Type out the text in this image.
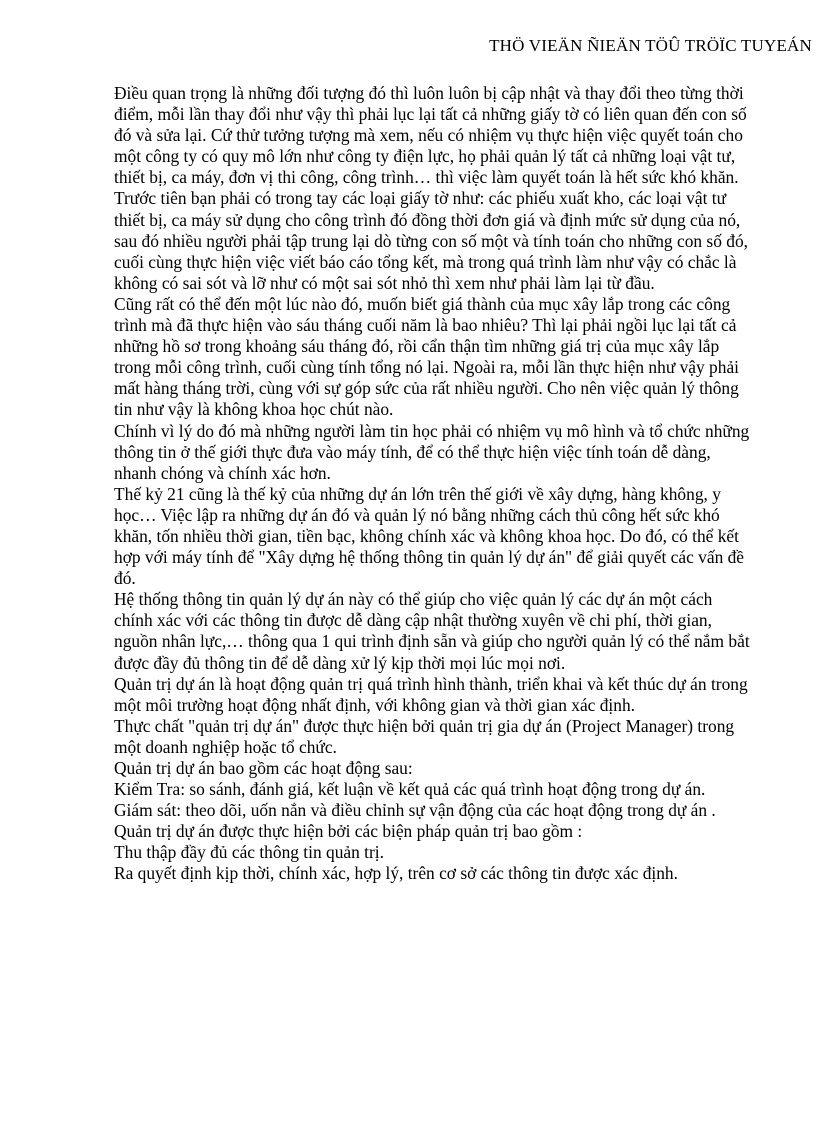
THÖ VIEÄN ÑIEÄN TÖÛ TRÖÏC TUYEÁN

Điều quan trọng là những đối tượng đó thì luôn luôn bị cập nhật và thay đổi theo từng thời điểm, mỗi lần thay đổi như vậy thì phải lục lại tất cả những giấy tờ có liên quan đến con số đó và sửa lại. Cứ thử tưởng tượng mà xem, nếu có nhiệm vụ thực hiện việc quyết toán cho một công ty có quy mô lớn như công ty điện lực, họ phải quản lý tất cả những loại vật tư, thiết bị, ca máy, đơn vị thi công, công trình… thì việc làm quyết toán là hết sức khó khăn. Trước tiên bạn phải có trong tay các loại giấy tờ như: các phiếu xuất kho, các loại vật tư thiết bị, ca máy sử dụng cho công trình đó đồng thời đơn giá và định mức sử dụng của nó, sau đó nhiều người phải tập trung lại dò từng con số một và tính toán cho những con số đó, cuối cùng thực hiện việc viết báo cáo tổng kết, mà trong quá trình làm như vậy có chắc là không có sai sót và lỡ như có một sai sót nhỏ thì xem như phải làm lại từ đầu.

Cũng rất có thể đến một lúc nào đó, muốn biết giá thành của mục xây lắp trong các công trình mà đã thực hiện vào sáu tháng cuối năm là bao nhiêu? Thì lại phải ngồi lục lại tất cả những hồ sơ trong khoảng sáu tháng đó, rồi cẩn thận tìm những giá trị của mục xây lắp trong mỗi công trình, cuối cùng tính tổng nó lại. Ngoài ra, mỗi lần thực hiện như vậy phải mất hàng tháng trời, cùng với sự góp sức của rất nhiều người. Cho nên việc quản lý thông tin như vậy là không khoa học chút nào.

Chính vì lý do đó mà những người làm tin học phải có nhiệm vụ mô hình và tổ chức những thông tin ở thế giới thực đưa vào máy tính, để có thể thực hiện việc tính toán dễ dàng, nhanh chóng và chính xác hơn.

Thế kỷ 21 cũng là thế kỷ của những dự án lớn trên thế giới về xây dựng, hàng không, y học… Việc lập ra những dự án đó và quản lý nó bằng những cách thủ công hết sức khó khăn, tốn nhiều thời gian, tiền bạc, không chính xác và không khoa học. Do đó, có thể kết hợp với máy tính để "Xây dựng hệ thống thông tin quản lý dự án" để giải quyết các vấn đề đó.

Hệ thống thông tin quản lý dự án này có thể giúp cho việc quản lý các dự án một cách chính xác với các thông tin được dễ dàng cập nhật thường xuyên về chi phí, thời gian, nguồn nhân lực,… thông qua 1 qui trình định sẵn và giúp cho người quản lý có thể nắm bắt được đầy đủ thông tin để dễ dàng xử lý kịp thời mọi lúc mọi nơi.

Quản trị dự án là hoạt động quản trị quá trình hình thành, triển khai và kết thúc dự án trong một môi trường hoạt động nhất định, với không gian và thời gian xác định.

Thực chất "quản trị dự án" được thực hiện bởi quản trị gia dự án (Project Manager) trong một doanh nghiệp hoặc tổ chức.

Quản trị dự án bao gồm các hoạt động sau:

Kiểm Tra: so sánh, đánh giá, kết luận về kết quả các quá trình hoạt động trong dự án.

Giám sát: theo dõi, uốn nắn và điều chỉnh sự vận động của các hoạt động trong dự án .

Quản trị dự án được thực hiện bởi các biện pháp quản trị bao gồm :

Thu thập đầy đủ các thông tin quản trị.

Ra quyết định kịp thời, chính xác, hợp lý, trên cơ sở các thông tin được xác định.
